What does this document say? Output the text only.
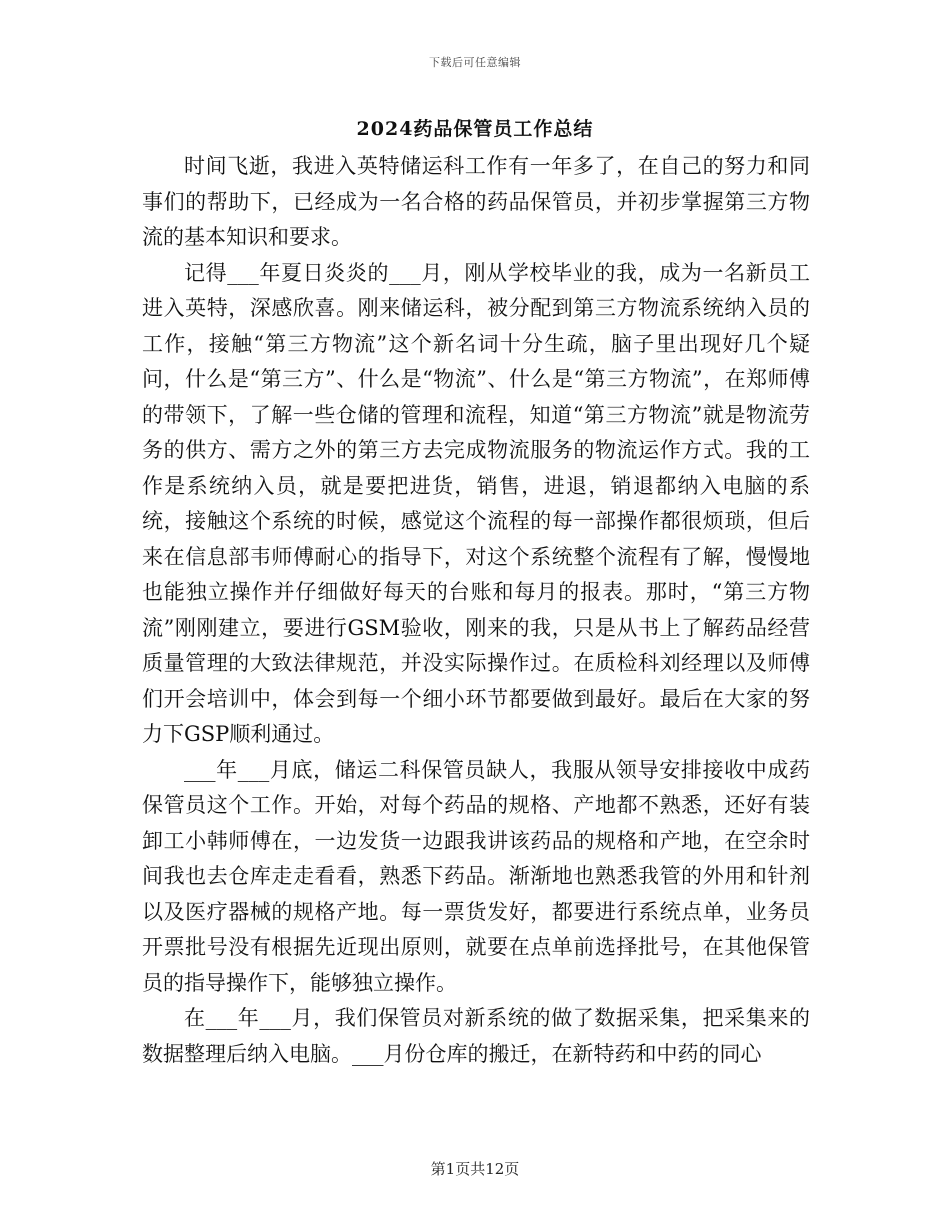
下载后可任意编辑
2024药品保管员工作总结

时间飞逝，我进入英特储运科工作有一年多了，在自己的努力和同事们的帮助下，已经成为一名合格的药品保管员，并初步掌握第三方物流的基本知识和要求。

记得___年夏日炎炎的___月，刚从学校毕业的我，成为一名新员工进入英特，深感欣喜。刚来储运科，被分配到第三方物流系统纳入员的工作，接触“第三方物流”这个新名词十分生疏，脑子里出现好几个疑问，什么是“第三方”、什么是“物流”、什么是“第三方物流”，在郑师傅的带领下，了解一些仓储的管理和流程，知道“第三方物流”就是物流劳务的供方、需方之外的第三方去完成物流服务的物流运作方式。我的工作是系统纳入员，就是要把进货，销售，进退，销退都纳入电脑的系统，接触这个系统的时候，感觉这个流程的每一部操作都很烦琐，但后来在信息部韦师傅耐心的指导下，对这个系统整个流程有了解，慢慢地也能独立操作并仔细做好每天的台账和每月的报表。那时，“第三方物流”刚刚建立，要进行GSM验收，刚来的我，只是从书上了解药品经营质量管理的大致法律规范，并没实际操作过。在质检科刘经理以及师傅们开会培训中，体会到每一个细小环节都要做到最好。最后在大家的努力下GSP顺利通过。

___年___月底，储运二科保管员缺人，我服从领导安排接收中成药保管员这个工作。开始，对每个药品的规格、产地都不熟悉，还好有装卸工小韩师傅在，一边发货一边跟我讲该药品的规格和产地，在空余时间我也去仓库走走看看，熟悉下药品。渐渐地也熟悉我管的外用和针剂以及医疗器械的规格产地。每一票货发好，都要进行系统点单，业务员开票批号没有根据先近现出原则，就要在点单前选择批号，在其他保管员的指导操作下，能够独立操作。

在___年___月，我们保管员对新系统的做了数据采集，把采集来的数据整理后纳入电脑。___月份仓库的搬迁，在新特药和中药的同心

第1页共12页
